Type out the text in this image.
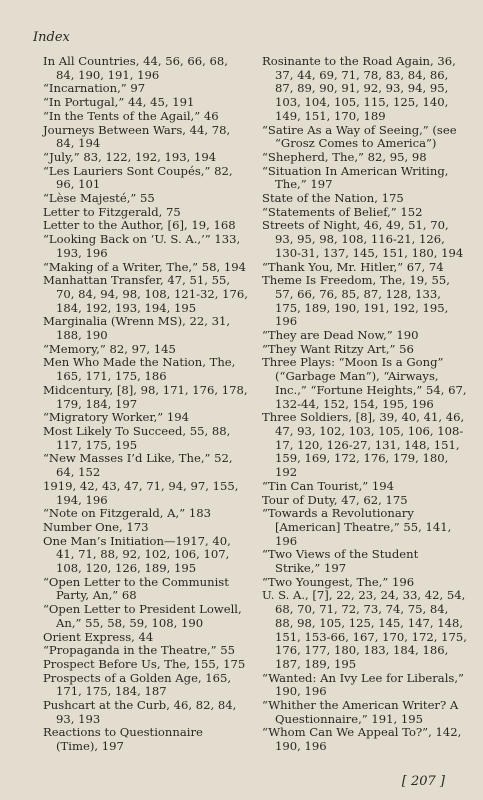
Index

In All Countries, 44, 56, 66, 68, 84, 190, 191, 196

“Incarnation,” 97

“In Portugal,” 44, 45, 191

“In the Tents of the Agail,” 46

Journeys Between Wars, 44, 78, 84, 194

“July,” 83, 122, 192, 193, 194

“Les Lauriers Sont Coupés,” 82, 96, 101

“Lèse Majesté,” 55

Letter to Fitzgerald, 75

Letter to the Author, [6], 19, 168

“Looking Back on ‘U. S. A.,’” 133, 193, 196

“Making of a Writer, The,” 58, 194

Manhattan Transfer, 47, 51, 55, 70, 84, 94, 98, 108, 121-32, 176, 184, 192, 193, 194, 195

Marginalia (Wrenn MS), 22, 31, 188, 190

“Memory,” 82, 97, 145

Men Who Made the Nation, The, 165, 171, 175, 186

Midcentury, [8], 98, 171, 176, 178, 179, 184, 197

“Migratory Worker,” 194

Most Likely To Succeed, 55, 88, 117, 175, 195

“New Masses I’d Like, The,” 52, 64, 152

1919, 42, 43, 47, 71, 94, 97, 155, 194, 196

“Note on Fitzgerald, A,” 183

Number One, 173

One Man’s Initiation—1917, 40, 41, 71, 88, 92, 102, 106, 107, 108, 120, 126, 189, 195

“Open Letter to the Communist Party, An,” 68

“Open Letter to President Lowell, An,” 55, 58, 59, 108, 190

Orient Express, 44

“Propaganda in the Theatre,” 55

Prospect Before Us, The, 155, 175

Prospects of a Golden Age, 165, 171, 175, 184, 187

Pushcart at the Curb, 46, 82, 84, 93, 193

Reactions to Questionnaire (Time), 197

Rosinante to the Road Again, 36, 37, 44, 69, 71, 78, 83, 84, 86, 87, 89, 90, 91, 92, 93, 94, 95, 103, 104, 105, 115, 125, 140, 149, 151, 170, 189

“Satire As a Way of Seeing,” (see “Grosz Comes to America”)

“Shepherd, The,” 82, 95, 98

“Situation In American Writing, The,” 197

State of the Nation, 175

“Statements of Belief,” 152

Streets of Night, 46, 49, 51, 70, 93, 95, 98, 108, 116-21, 126, 130-31, 137, 145, 151, 180, 194

“Thank You, Mr. Hitler,” 67, 74

Theme Is Freedom, The, 19, 55, 57, 66, 76, 85, 87, 128, 133, 175, 189, 190, 191, 192, 195, 196

“They are Dead Now,” 190

“They Want Ritzy Art,” 56

Three Plays: “Moon Is a Gong” (“Garbage Man”), “Airways, Inc.,” “Fortune Heights,” 54, 67, 132-44, 152, 154, 195, 196

Three Soldiers, [8], 39, 40, 41, 46, 47, 93, 102, 103, 105, 106, 108-17, 120, 126-27, 131, 148, 151, 159, 169, 172, 176, 179, 180, 192

“Tin Can Tourist,” 194

Tour of Duty, 47, 62, 175

“Towards a Revolutionary [American] Theatre,” 55, 141, 196

“Two Views of the Student Strike,” 197

“Two Youngest, The,” 196

U. S. A., [7], 22, 23, 24, 33, 42, 54, 68, 70, 71, 72, 73, 74, 75, 84, 88, 98, 105, 125, 145, 147, 148, 151, 153-66, 167, 170, 172, 175, 176, 177, 180, 183, 184, 186, 187, 189, 195

“Wanted: An Ivy Lee for Liberals,” 190, 196

“Whither the American Writer? A Questionnaire,” 191, 195

“Whom Can We Appeal To?”, 142, 190, 196

[ 207 ]
